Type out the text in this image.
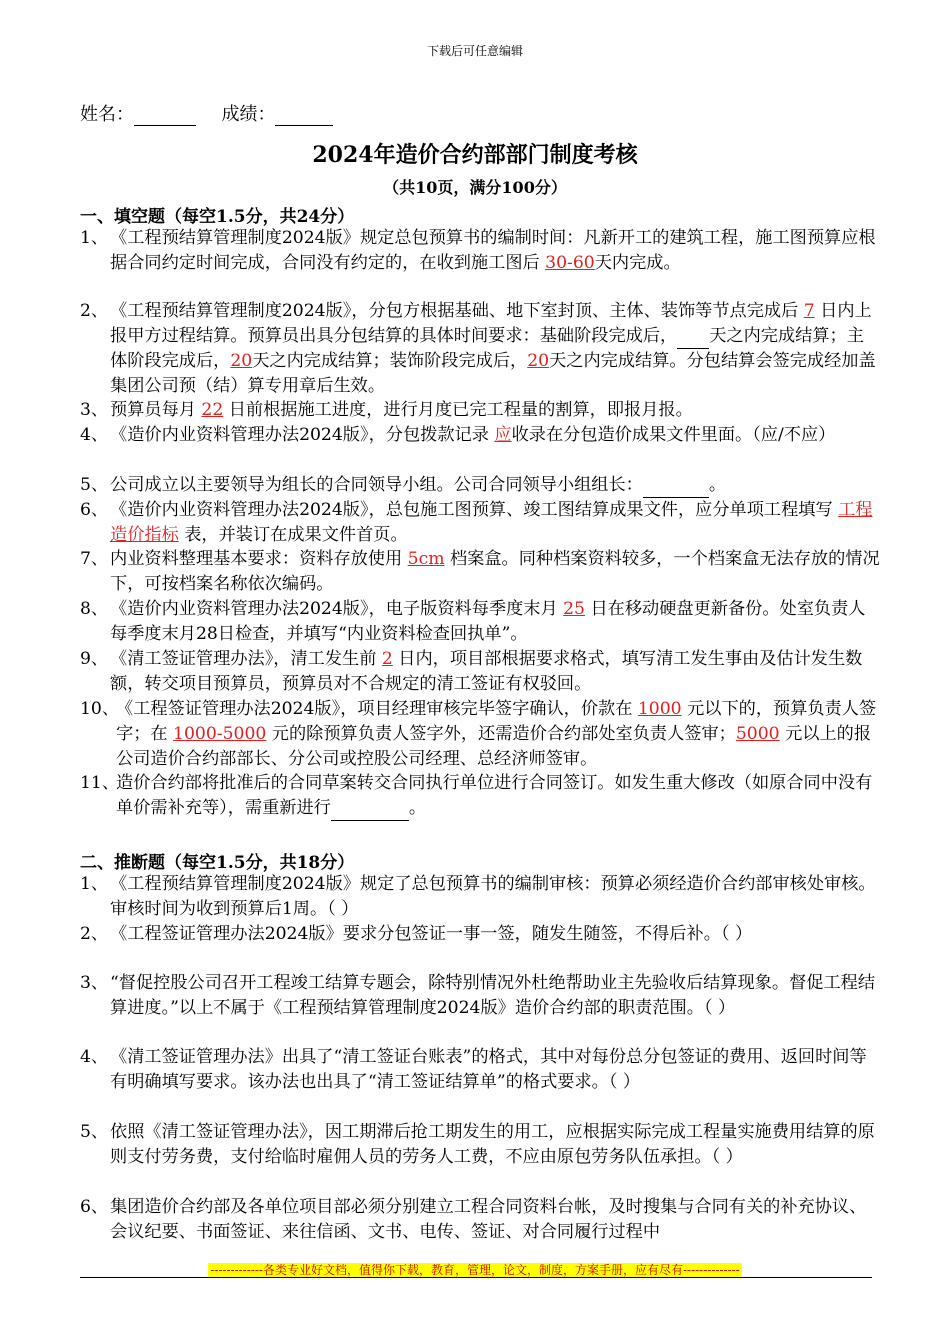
下载后可任意编辑
姓名：	成绩：
2024年造价合约部部门制度考核
（共10页，满分100分）
一、填空题（每空1.5分，共24分）
1、 《工程预结算管理制度2024版》规定总包预算书的编制时间：凡新开工的建筑工程，施工图预算应根据合同约定时间完成，合同没有约定的，在收到施工图后 30-60天内完成。
2、 《工程预结算管理制度2024版》，分包方根据基础、地下室封顶、主体、装饰等节点完成后 7 日内上报甲方过程结算。预算员出具分包结算的具体时间要求：基础阶段完成后， 天之内完成结算；主体阶段完成后，20天之内完成结算；装饰阶段完成后，20天之内完成结算。分包结算会签完成经加盖集团公司预（结）算专用章后生效。
3、 预算员每月 22 日前根据施工进度，进行月度已完工程量的割算，即报月报。
4、 《造价内业资料管理办法2024版》，分包拨款记录 应收录在分包造价成果文件里面。（应/不应）
5、 公司成立以主要领导为组长的合同领导小组。公司合同领导小组组长：	。
6、 《造价内业资料管理办法2024版》，总包施工图预算、竣工图结算成果文件，应分单项工程填写 工程造价指标 表，并装订在成果文件首页。
7、 内业资料整理基本要求：资料存放使用 5cm 档案盒。同种档案资料较多，一个档案盒无法存放的情况下，可按档案名称依次编码。
8、 《造价内业资料管理办法2024版》，电子版资料每季度末月 25 日在移动硬盘更新备份。处室负责人每季度末月28日检查，并填写“内业资料检查回执单”。
9、 《清工签证管理办法》，清工发生前 2 日内，项目部根据要求格式，填写清工发生事由及估计发生数额，转交项目预算员，预算员对不合规定的清工签证有权驳回。
10、
《工程签证管理办法2024版》，项目经理审核完毕签字确认，价款在 1000 元以下的，预算负责人签字；在 1000-5000 元的除预算负责人签字外，还需造价合约部处室负责人签审；5000 元以上的报公司造价合约部部长、分公司或控股公司经理、总经济师签审。
11、
造价合约部将批准后的合同草案转交合同执行单位进行合同签订。如发生重大修改（如原合同中没有单价需补充等），需重新进行	。
二、推断题（每空1.5分，共18分）
1、 《工程预结算管理制度2024版》规定了总包预算书的编制审核：预算必须经造价合约部审核处审核。审核时间为收到预算后1周。（ ）
2、 《工程签证管理办法2024版》要求分包签证一事一签，随发生随签，不得后补。（ ）
3、 “督促控股公司召开工程竣工结算专题会，除特别情况外杜绝帮助业主先验收后结算现象。督促工程结算进度。”以上不属于《工程预结算管理制度2024版》造价合约部的职责范围。（ ）
4、 《清工签证管理办法》出具了“清工签证台账表”的格式，其中对每份总分包签证的费用、返回时间等有明确填写要求。该办法也出具了“清工签证结算单”的格式要求。（ ）
5、 依照《清工签证管理办法》，因工期滞后抢工期发生的用工，应根据实际完成工程量实施费用结算的原则支付劳务费，支付给临时雇佣人员的劳务人工费，不应由原包劳务队伍承担。（ ）
6、 集团造价合约部及各单位项目部必须分别建立工程合同资料台帐，及时搜集与合同有关的补充协议、会议纪要、书面签证、来往信函、文书、电传、签证、对合同履行过程中
-------------各类专业好文档，值得你下载，教育，管理，论文，制度，方案手册，应有尽有--------------
